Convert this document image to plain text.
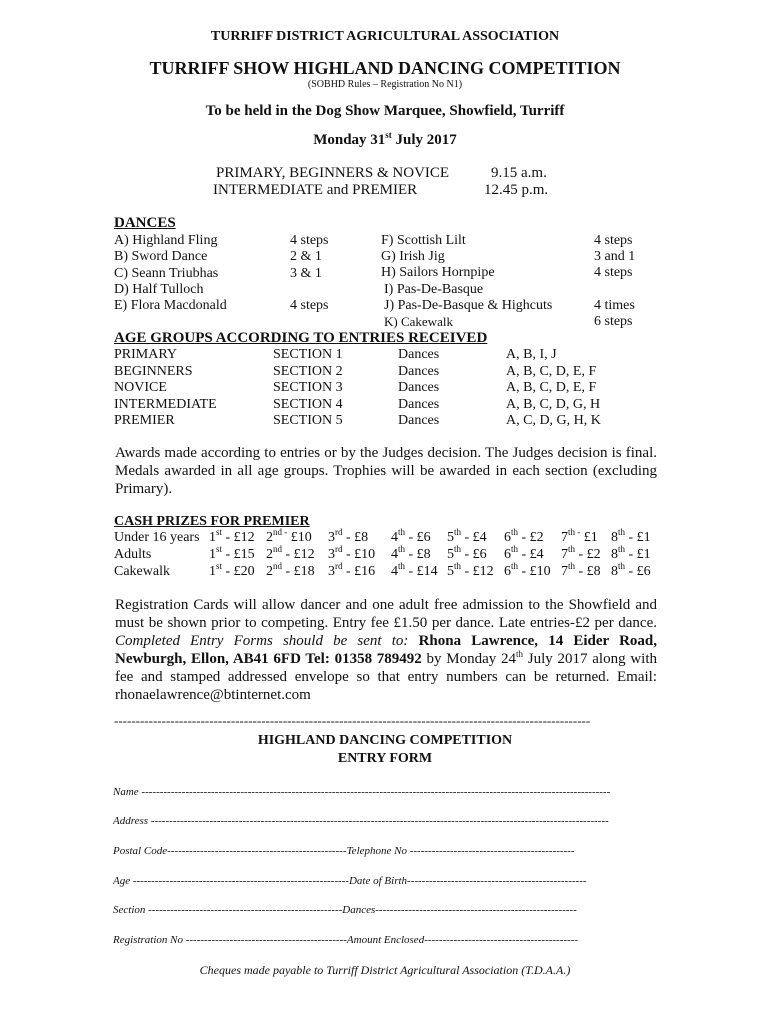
TURRIFF DISTRICT AGRICULTURAL ASSOCIATION
TURRIFF SHOW HIGHLAND DANCING COMPETITION
(SOBHD Rules – Registration No N1)
To be held in the Dog Show Marquee, Showfield, Turriff
Monday 31st July 2017
PRIMARY, BEGINNERS & NOVICE	9.15 a.m.
INTERMEDIATE and PREMIER	12.45 p.m.
DANCES
A) Highland Fling	4 steps
B) Sword Dance	2 & 1
C) Seann Triubhas	3 & 1
D) Half Tulloch
E) Flora Macdonald	4 steps
F) Scottish Lilt	4 steps
G) Irish Jig	3 and 1
H) Sailors Hornpipe	4 steps
I) Pas-De-Basque
J) Pas-De-Basque & Highcuts	4 times
K) Cakewalk	6 steps
AGE GROUPS ACCORDING TO ENTRIES RECEIVED
PRIMARY	SECTION 1	Dances	A, B, I, J
BEGINNERS	SECTION 2	Dances	A, B, C, D, E, F
NOVICE	SECTION 3	Dances	A, B, C, D, E, F
INTERMEDIATE	SECTION 4	Dances	A, B, C, D, G, H
PREMIER	SECTION 5	Dances	A, C, D, G, H, K
Awards made according to entries or by the Judges decision. The Judges decision is final. Medals awarded in all age groups. Trophies will be awarded in each section (excluding Primary).
CASH PRIZES FOR PREMIER
Under 16 years 1st - £12 $2^{nd -}$ £10 3rd - £8 4th - £6 5th - £4 6th - £2 $7^{th -}$ £1 8th - £1
Adults	1st - £15 2nd - £12 3rd - £10 4th - £8 5th - £6 6th - £4 7th - £2 8th - £1
Cakewalk	1st - £20 2nd - £18 3rd - £16 4th - £14 5th - £12 6th - £10 7th - £8 8th - £6
Registration Cards will allow dancer and one adult free admission to the Showfield and must be shown prior to competing. Entry fee £1.50 per dance. Late entries-£2 per dance. Completed Entry Forms should be sent to: Rhona Lawrence, 14 Eider Road, Newburgh, Ellon, AB41 6FD Tel: 01358 789492 by Monday 24th July 2017 along with fee and stamped addressed envelope so that entry numbers can be returned. Email: rhonaelawrence@btinternet.com
--------------------------------------------------------------------------------------------------------------
HIGHLAND DANCING COMPETITION
ENTRY FORM
Name --------------------------------------------------------------------------------------------------------------------------------
Address -----------------------------------------------------------------------------------------------------------------------------
Postal Code-------------------------------------------------Telephone No ---------------------------------------------
Age -----------------------------------------------------------Date of Birth-------------------------------------------------
Section -----------------------------------------------------Dances-------------------------------------------------------
Registration No --------------------------------------------Amount Enclosed------------------------------------------
Cheques made payable to Turriff District Agricultural Association (T.D.A.A.)
